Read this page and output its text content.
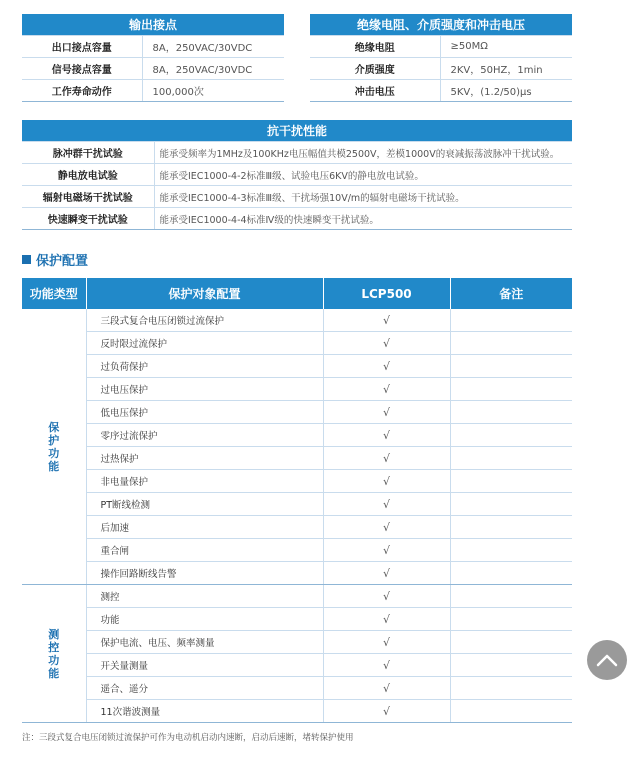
输出接点	
出口接点容量	8A，250VAC/30VDC
信号接点容量	8A，250VAC/30VDC
工作寿命动作	100,000次
绝缘电阻、介质强度和冲击电压	
绝缘电阻	≥50MΩ
介质强度	2KV，50HZ，1min
冲击电压	5KV，(1.2/50)μs
抗干扰性能	
脉冲群干扰试验	能承受频率为1MHz及100KHz电压幅值共模2500V，差模1000V的衰减振荡波脉冲干扰试验。
静电放电试验	能承受IEC1000-4-2标准Ⅲ级、试验电压6KV的静电放电试验。
辐射电磁场干扰试验	能承受IEC1000-4-3标准Ⅲ级、干扰场强10V/m的辐射电磁场干扰试验。
快速瞬变干扰试验	能承受IEC1000-4-4标准Ⅳ级的快速瞬变干扰试验。
保护配置
功能类型	保护对象配置	LCP500	备注

保
护
功
能	三段式复合电压闭锁过流保护	√	
	反时限过流保护	√	
	过负荷保护	√	
	过电压保护	√	
	低电压保护	√	
	零序过流保护	√	
	过热保护	√	
	非电量保护	√	
	PT断线检测	√	
	后加速	√	
	重合闸	√	
	操作回路断线告警	√	

测
控
功
能	测控	√	
	功能	√	
	保护电流、电压、频率测量	√	
	开关量测量	√	
	遥合、遥分	√	
	11次谐波测量	√	
注：三段式复合电压闭锁过流保护可作为电动机启动内速断，启动后速断，堵转保护使用
